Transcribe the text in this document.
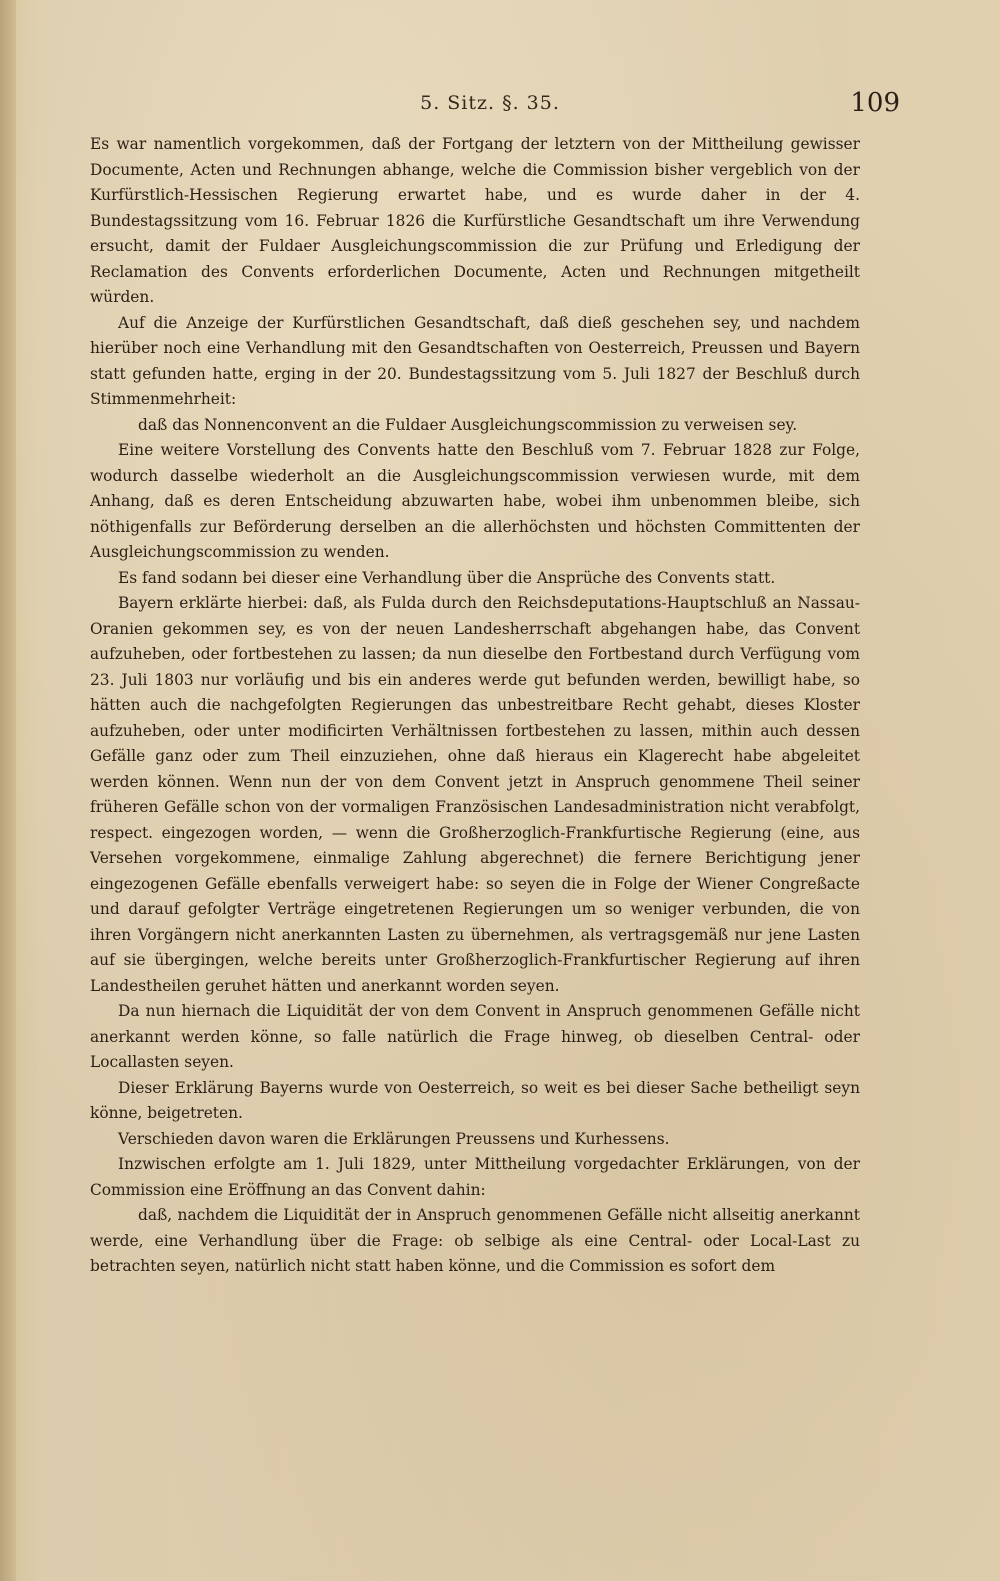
5. Sitz. §. 35.	109

Es war namentlich vorgekommen, daß der Fortgang der letztern von der Mittheilung gewisser Documente, Acten und Rechnungen abhange, welche die Commission bisher vergeblich von der Kurfürstlich-Hessischen Regierung erwartet habe, und es wurde daher in der 4. Bundestagssitzung vom 16. Februar 1826 die Kurfürstliche Gesandtschaft um ihre Verwendung ersucht, damit der Fuldaer Ausgleichungscommission die zur Prüfung und Erledigung der Reclamation des Convents erforderlichen Documente, Acten und Rechnungen mitgetheilt würden.

Auf die Anzeige der Kurfürstlichen Gesandtschaft, daß dieß geschehen sey, und nachdem hierüber noch eine Verhandlung mit den Gesandtschaften von Oesterreich, Preussen und Bayern statt gefunden hatte, erging in der 20. Bundestagssitzung vom 5. Juli 1827 der Beschluß durch Stimmenmehrheit:

daß das Nonnenconvent an die Fuldaer Ausgleichungscommission zu verweisen sey.

Eine weitere Vorstellung des Convents hatte den Beschluß vom 7. Februar 1828 zur Folge, wodurch dasselbe wiederholt an die Ausgleichungscommission verwiesen wurde, mit dem Anhang, daß es deren Entscheidung abzuwarten habe, wobei ihm unbenommen bleibe, sich nöthigenfalls zur Beförderung derselben an die allerhöchsten und höchsten Committenten der Ausgleichungscommission zu wenden.

Es fand sodann bei dieser eine Verhandlung über die Ansprüche des Convents statt.

Bayern erklärte hierbei: daß, als Fulda durch den Reichsdeputations-Hauptschluß an Nassau-Oranien gekommen sey, es von der neuen Landesherrschaft abgehangen habe, das Convent aufzuheben, oder fortbestehen zu lassen; da nun dieselbe den Fortbestand durch Verfügung vom 23. Juli 1803 nur vorläufig und bis ein anderes werde gut befunden werden, bewilligt habe, so hätten auch die nachgefolgten Regierungen das unbestreitbare Recht gehabt, dieses Kloster aufzuheben, oder unter modificirten Verhältnissen fortbestehen zu lassen, mithin auch dessen Gefälle ganz oder zum Theil einzuziehen, ohne daß hieraus ein Klagerecht habe abgeleitet werden können. Wenn nun der von dem Convent jetzt in Anspruch genommene Theil seiner früheren Gefälle schon von der vormaligen Französischen Landesadministration nicht verabfolgt, respect. eingezogen worden, — wenn die Großherzoglich-Frankfurtische Regierung (eine, aus Versehen vorgekommene, einmalige Zahlung abgerechnet) die fernere Berichtigung jener eingezogenen Gefälle ebenfalls verweigert habe: so seyen die in Folge der Wiener Congreßacte und darauf gefolgter Verträge eingetretenen Regierungen um so weniger verbunden, die von ihren Vorgängern nicht anerkannten Lasten zu übernehmen, als vertragsgemäß nur jene Lasten auf sie übergingen, welche bereits unter Großherzoglich-Frankfurtischer Regierung auf ihren Landestheilen geruhet hätten und anerkannt worden seyen.

Da nun hiernach die Liquidität der von dem Convent in Anspruch genommenen Gefälle nicht anerkannt werden könne, so falle natürlich die Frage hinweg, ob dieselben Central- oder Locallasten seyen.

Dieser Erklärung Bayerns wurde von Oesterreich, so weit es bei dieser Sache betheiligt seyn könne, beigetreten.

Verschieden davon waren die Erklärungen Preussens und Kurhessens.

Inzwischen erfolgte am 1. Juli 1829, unter Mittheilung vorgedachter Erklärungen, von der Commission eine Eröffnung an das Convent dahin:

daß, nachdem die Liquidität der in Anspruch genommenen Gefälle nicht allseitig anerkannt werde, eine Verhandlung über die Frage: ob selbige als eine Central- oder Local-Last zu betrachten seyen, natürlich nicht statt haben könne, und die Commission es sofort dem
